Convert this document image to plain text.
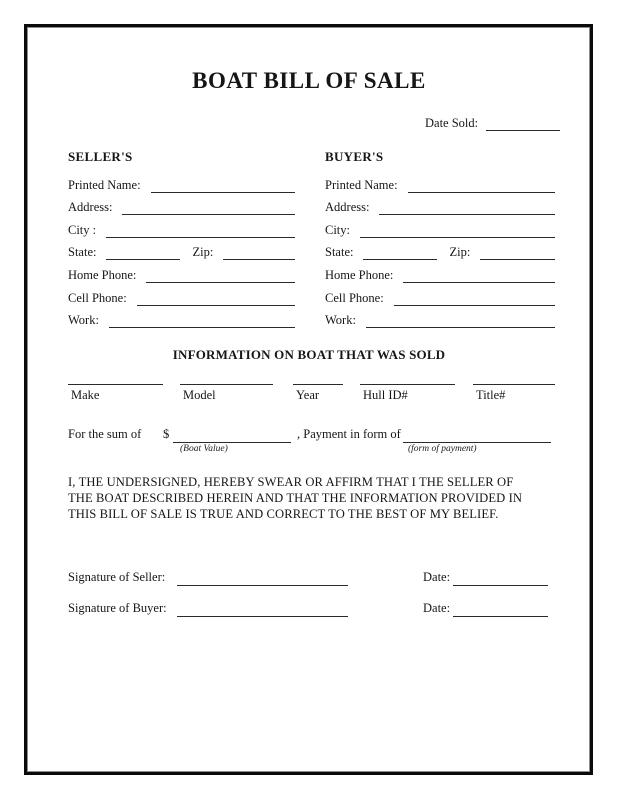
BOAT BILL OF SALE
Date Sold:
SELLER'S
Printed Name:
Address:
City :
State:	Zip:
Home Phone:
Cell Phone:
Work:
BUYER'S
Printed Name:
Address:
City:
State:	Zip:
Home Phone:
Cell Phone:
Work:
INFORMATION ON BOAT THAT WAS SOLD
Make	Model	Year	Hull ID#	Title#
For the sum of $
(Boat Value)
, Payment in form of
(form of payment)

I, THE UNDERSIGNED, HEREBY SWEAR OR AFFIRM THAT I THE SELLER OF THE BOAT DESCRIBED HEREIN AND THAT THE INFORMATION PROVIDED IN THIS BILL OF SALE IS TRUE AND CORRECT TO THE BEST OF MY BELIEF.

Signature of Seller:	Date:
Signature of Buyer:	Date:
